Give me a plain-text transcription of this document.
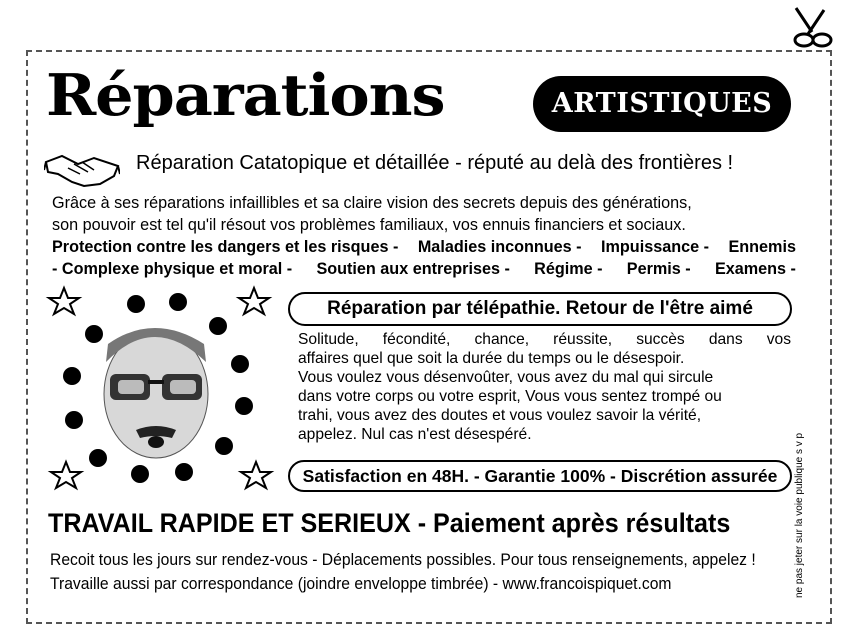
Réparations	ARTISTIQUES
Réparation Catatopique et détaillée - réputé au delà des frontières !

Grâce à ses réparations infaillibles et sa claire vision des secrets depuis des générations,

son pouvoir est tel qu'il résout vos problèmes familiaux, vos ennuis financiers et sociaux.

Protection contre les dangers et les risques - Maladies inconnues - Impuissance - Ennemis

- Complexe physique et moral - Soutien aux entreprises - Régime - Permis - Examens -

Réparation par télépathie. Retour de l'être aimé

Solitude, fécondité, chance, réussite, succès dans vos

affaires quel que soit la durée du temps ou le désespoir.

Vous voulez vous désenvoûter, vous avez du mal qui sircule

dans votre corps ou votre esprit, Vous vous sentez trompé ou

trahi, vous avez des doutes et vous voulez savoir la vérité,

appelez. Nul cas n'est désespéré.

Satisfaction en 48H. - Garantie 100% - Discrétion assurée	ne pas jeter sur la voie publique s v p
TRAVAIL RAPIDE ET SERIEUX - Paiement après résultats

Recoit tous les jours sur rendez-vous - Déplacements possibles. Pour tous renseignements, appelez !

Travaille aussi par correspondance (joindre enveloppe timbrée) - www.francoispiquet.com
